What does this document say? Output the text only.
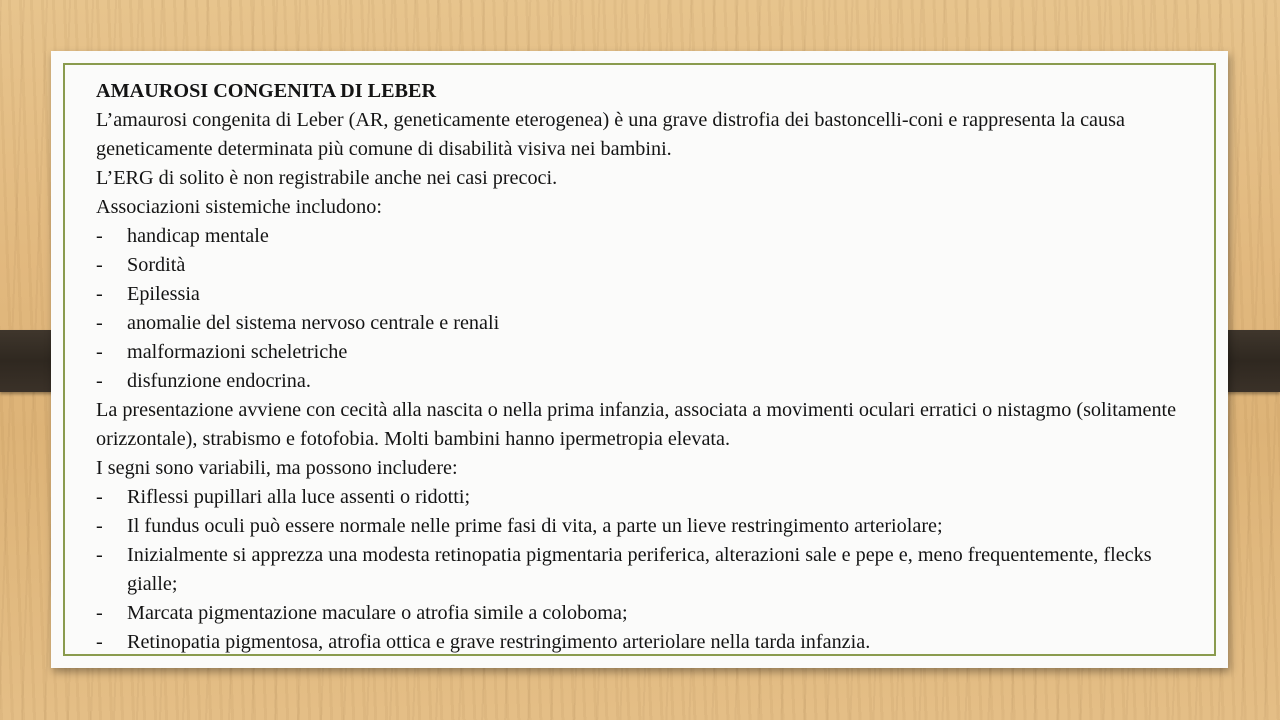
AMAUROSI CONGENITA DI LEBER

L’amaurosi congenita di Leber (AR, geneticamente eterogenea) è una grave distrofia dei bastoncelli-coni e rappresenta la causa geneticamente determinata più comune di disabilità visiva nei bambini.

L’ERG di solito è non registrabile anche nei casi precoci.

Associazioni sistemiche includono:

- handicap mentale
- Sordità
- Epilessia
- anomalie del sistema nervoso centrale e renali
- malformazioni scheletriche
- disfunzione endocrina.

La presentazione avviene con cecità alla nascita o nella prima infanzia, associata a movimenti oculari erratici o nistagmo (solitamente orizzontale), strabismo e fotofobia. Molti bambini hanno ipermetropia elevata.

I segni sono variabili, ma possono includere:

- Riflessi pupillari alla luce assenti o ridotti;
- Il fundus oculi può essere normale nelle prime fasi di vita, a parte un lieve restringimento arteriolare;
- Inizialmente si apprezza una modesta retinopatia pigmentaria periferica, alterazioni sale e pepe e, meno frequentemente, flecks gialle;
- Marcata pigmentazione maculare o atrofia simile a coloboma;
- Retinopatia pigmentosa, atrofia ottica e grave restringimento arteriolare nella tarda infanzia.
